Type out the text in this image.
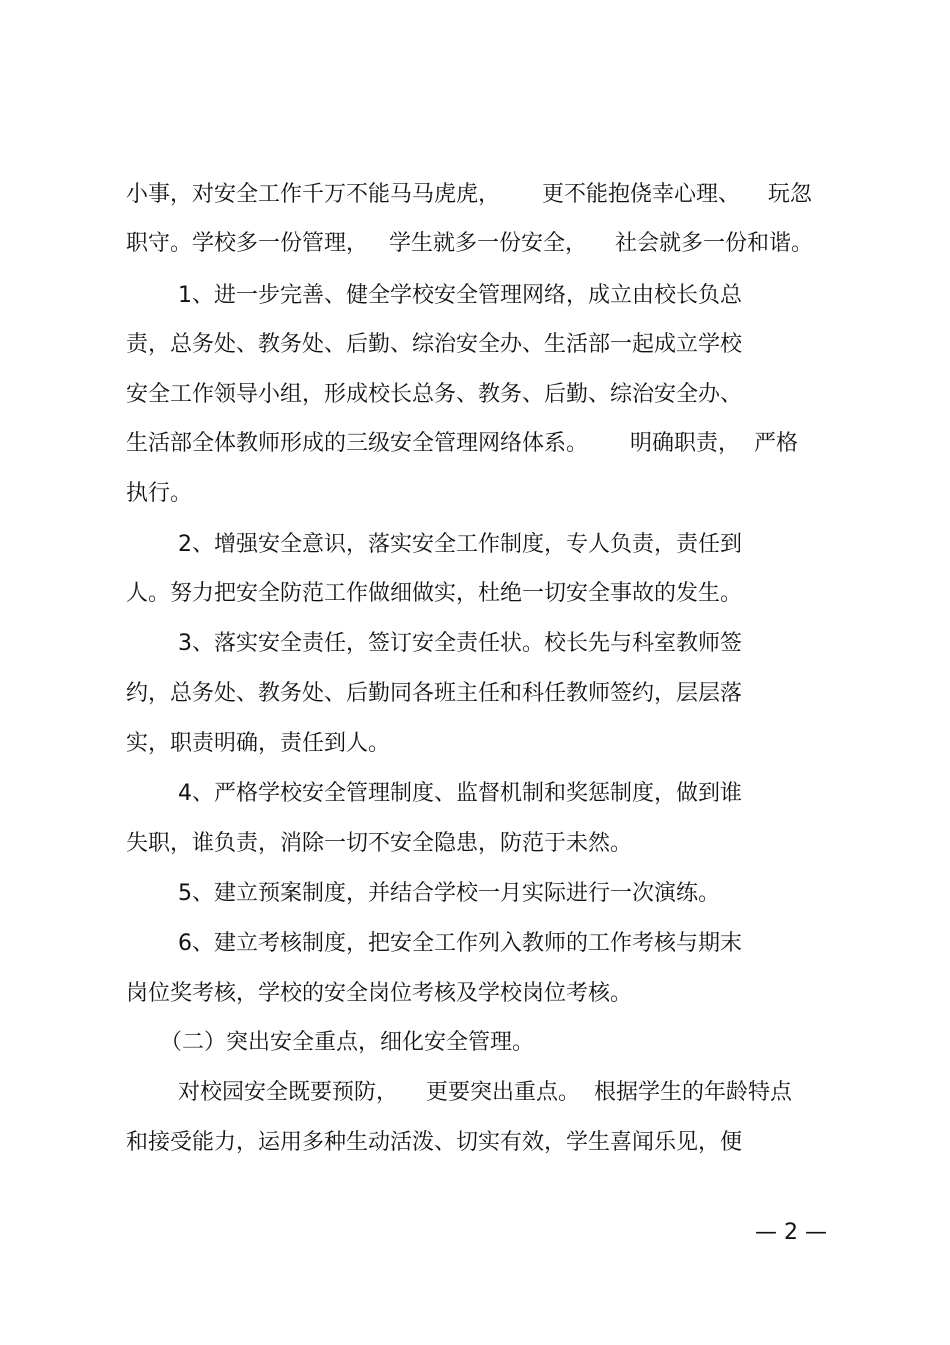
小事，对安全工作千万不能马马虎虎，      更不能抱侥幸心理、    玩忽
职守。学校多一份管理，   学生就多一份安全，    社会就多一份和谐。
1、进一步完善、健全学校安全管理网络，成立由校长负总
责，总务处、教务处、后勤、综治安全办、生活部一起成立学校
安全工作领导小组，形成校长总务、教务、后勤、综治安全办、
生活部全体教师形成的三级安全管理网络体系。      明确职责，  严格
执行。
2、增强安全意识，落实安全工作制度，专人负责，责任到
人。努力把安全防范工作做细做实，杜绝一切安全事故的发生。
3、落实安全责任，签订安全责任状。校长先与科室教师签
约，总务处、教务处、后勤同各班主任和科任教师签约，层层落
实，职责明确，责任到人。
4、严格学校安全管理制度、监督机制和奖惩制度，做到谁
失职，谁负责，消除一切不安全隐患，防范于未然。
5、建立预案制度，并结合学校一月实际进行一次演练。
6、建立考核制度，把安全工作列入教师的工作考核与期末
岗位奖考核，学校的安全岗位考核及学校岗位考核。
（二）突出安全重点，细化安全管理。
对校园安全既要预防，    更要突出重点。  根据学生的年龄特点
和接受能力，运用多种生动活泼、切实有效，学生喜闻乐见，便
— 2 —
